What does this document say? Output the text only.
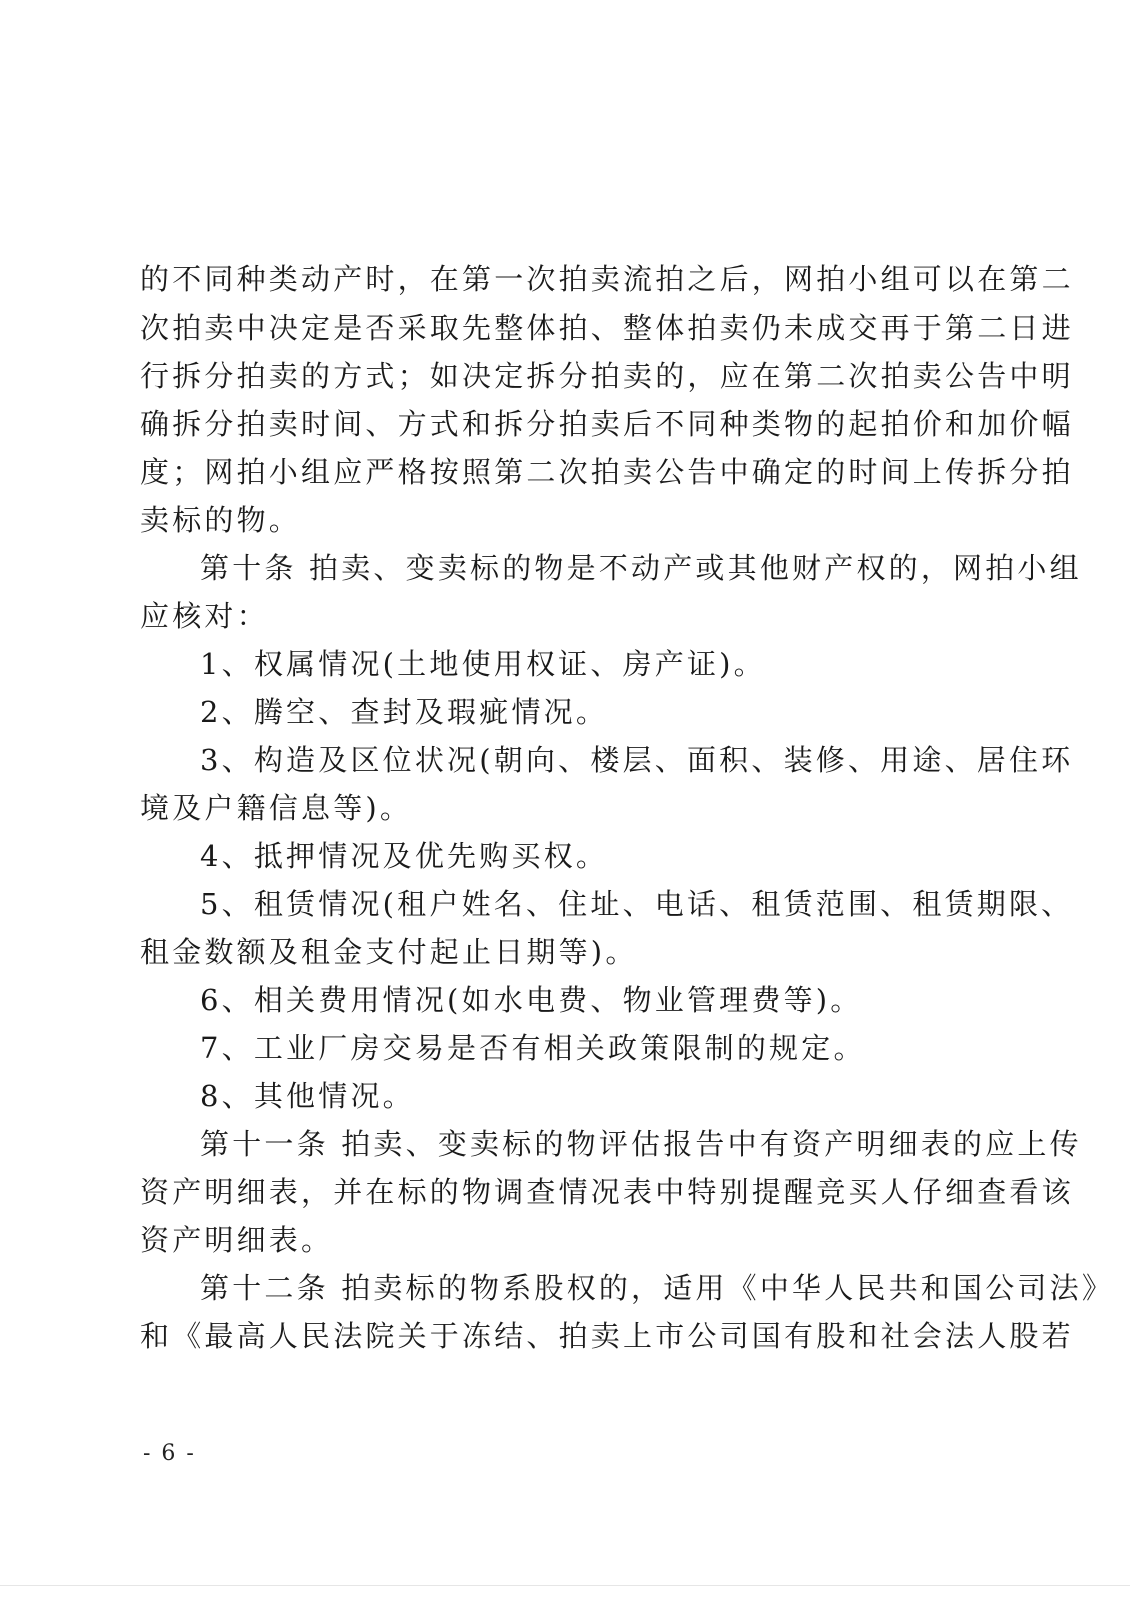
的不同种类动产时，在第一次拍卖流拍之后，网拍小组可以在第二
次拍卖中决定是否采取先整体拍、整体拍卖仍未成交再于第二日进
行拆分拍卖的方式；如决定拆分拍卖的，应在第二次拍卖公告中明
确拆分拍卖时间、方式和拆分拍卖后不同种类物的起拍价和加价幅
度；网拍小组应严格按照第二次拍卖公告中确定的时间上传拆分拍
卖标的物。
第十条 拍卖、变卖标的物是不动产或其他财产权的，网拍小组
应核对：
1、权属情况(土地使用权证、房产证)。
2、腾空、查封及瑕疵情况。
3、构造及区位状况(朝向、楼层、面积、装修、用途、居住环
境及户籍信息等)。
4、抵押情况及优先购买权。
5、租赁情况(租户姓名、住址、电话、租赁范围、租赁期限、
租金数额及租金支付起止日期等)。
6、相关费用情况(如水电费、物业管理费等)。
7、工业厂房交易是否有相关政策限制的规定。
8、其他情况。
第十一条 拍卖、变卖标的物评估报告中有资产明细表的应上传
资产明细表，并在标的物调查情况表中特别提醒竞买人仔细查看该
资产明细表。
第十二条 拍卖标的物系股权的，适用《中华人民共和国公司法》
和《最高人民法院关于冻结、拍卖上市公司国有股和社会法人股若
- 6 -
